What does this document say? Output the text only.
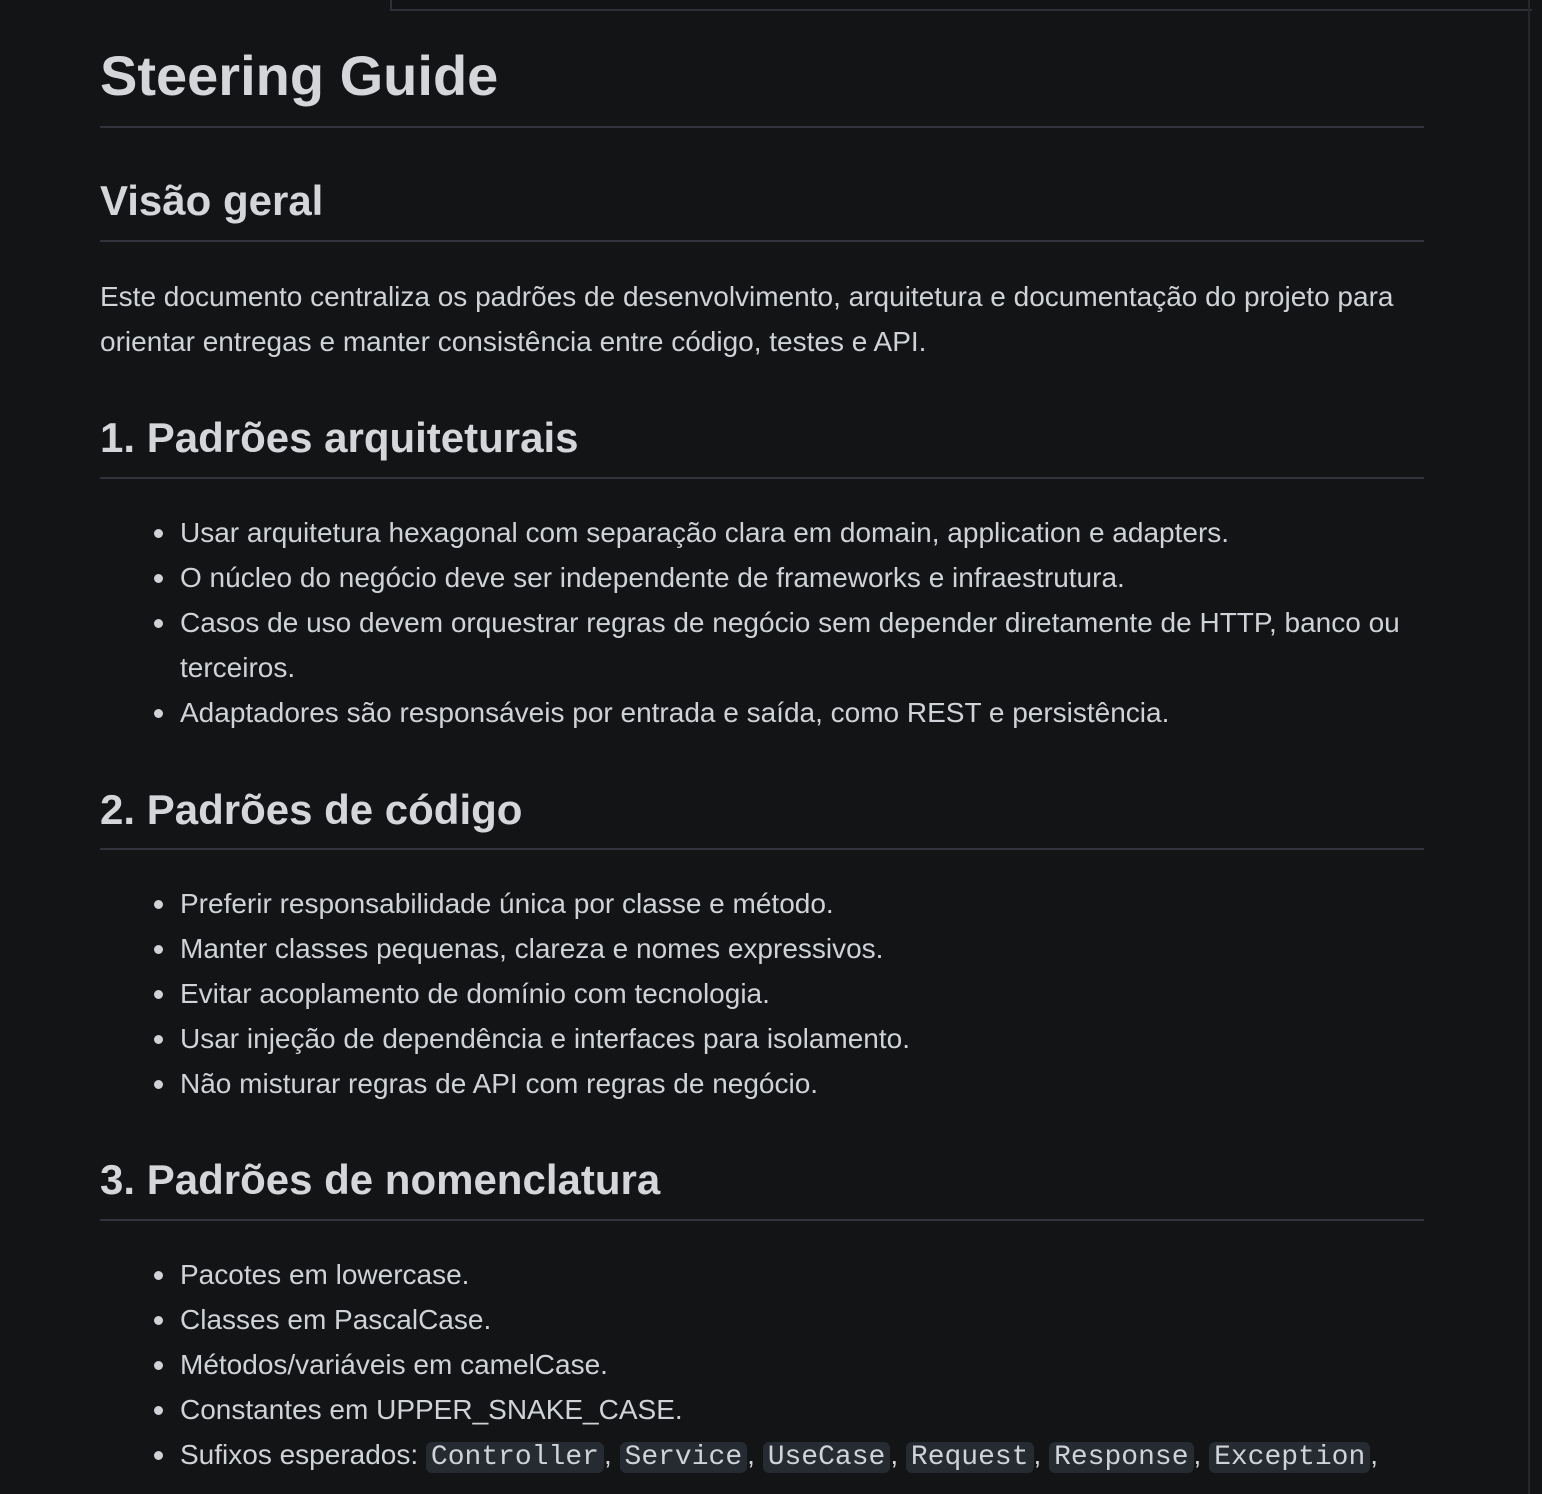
Steering Guide
Visão geral

Este documento centraliza os padrões de desenvolvimento, arquitetura e documentação do projeto para orientar entregas e manter consistência entre código, testes e API.

1. Padrões arquiteturais
Usar arquitetura hexagonal com separação clara em domain, application e adapters.
O núcleo do negócio deve ser independente de frameworks e infraestrutura.
Casos de uso devem orquestrar regras de negócio sem depender diretamente de HTTP, banco ou terceiros.
Adaptadores são responsáveis por entrada e saída, como REST e persistência.
2. Padrões de código
Preferir responsabilidade única por classe e método.
Manter classes pequenas, clareza e nomes expressivos.
Evitar acoplamento de domínio com tecnologia.
Usar injeção de dependência e interfaces para isolamento.
Não misturar regras de API com regras de negócio.
3. Padrões de nomenclatura
Pacotes em lowercase.
Classes em PascalCase.
Métodos/variáveis em camelCase.
Constantes em UPPER_SNAKE_CASE.
Sufixos esperados: Controller , Service , UseCase , Request , Response , Exception ,
